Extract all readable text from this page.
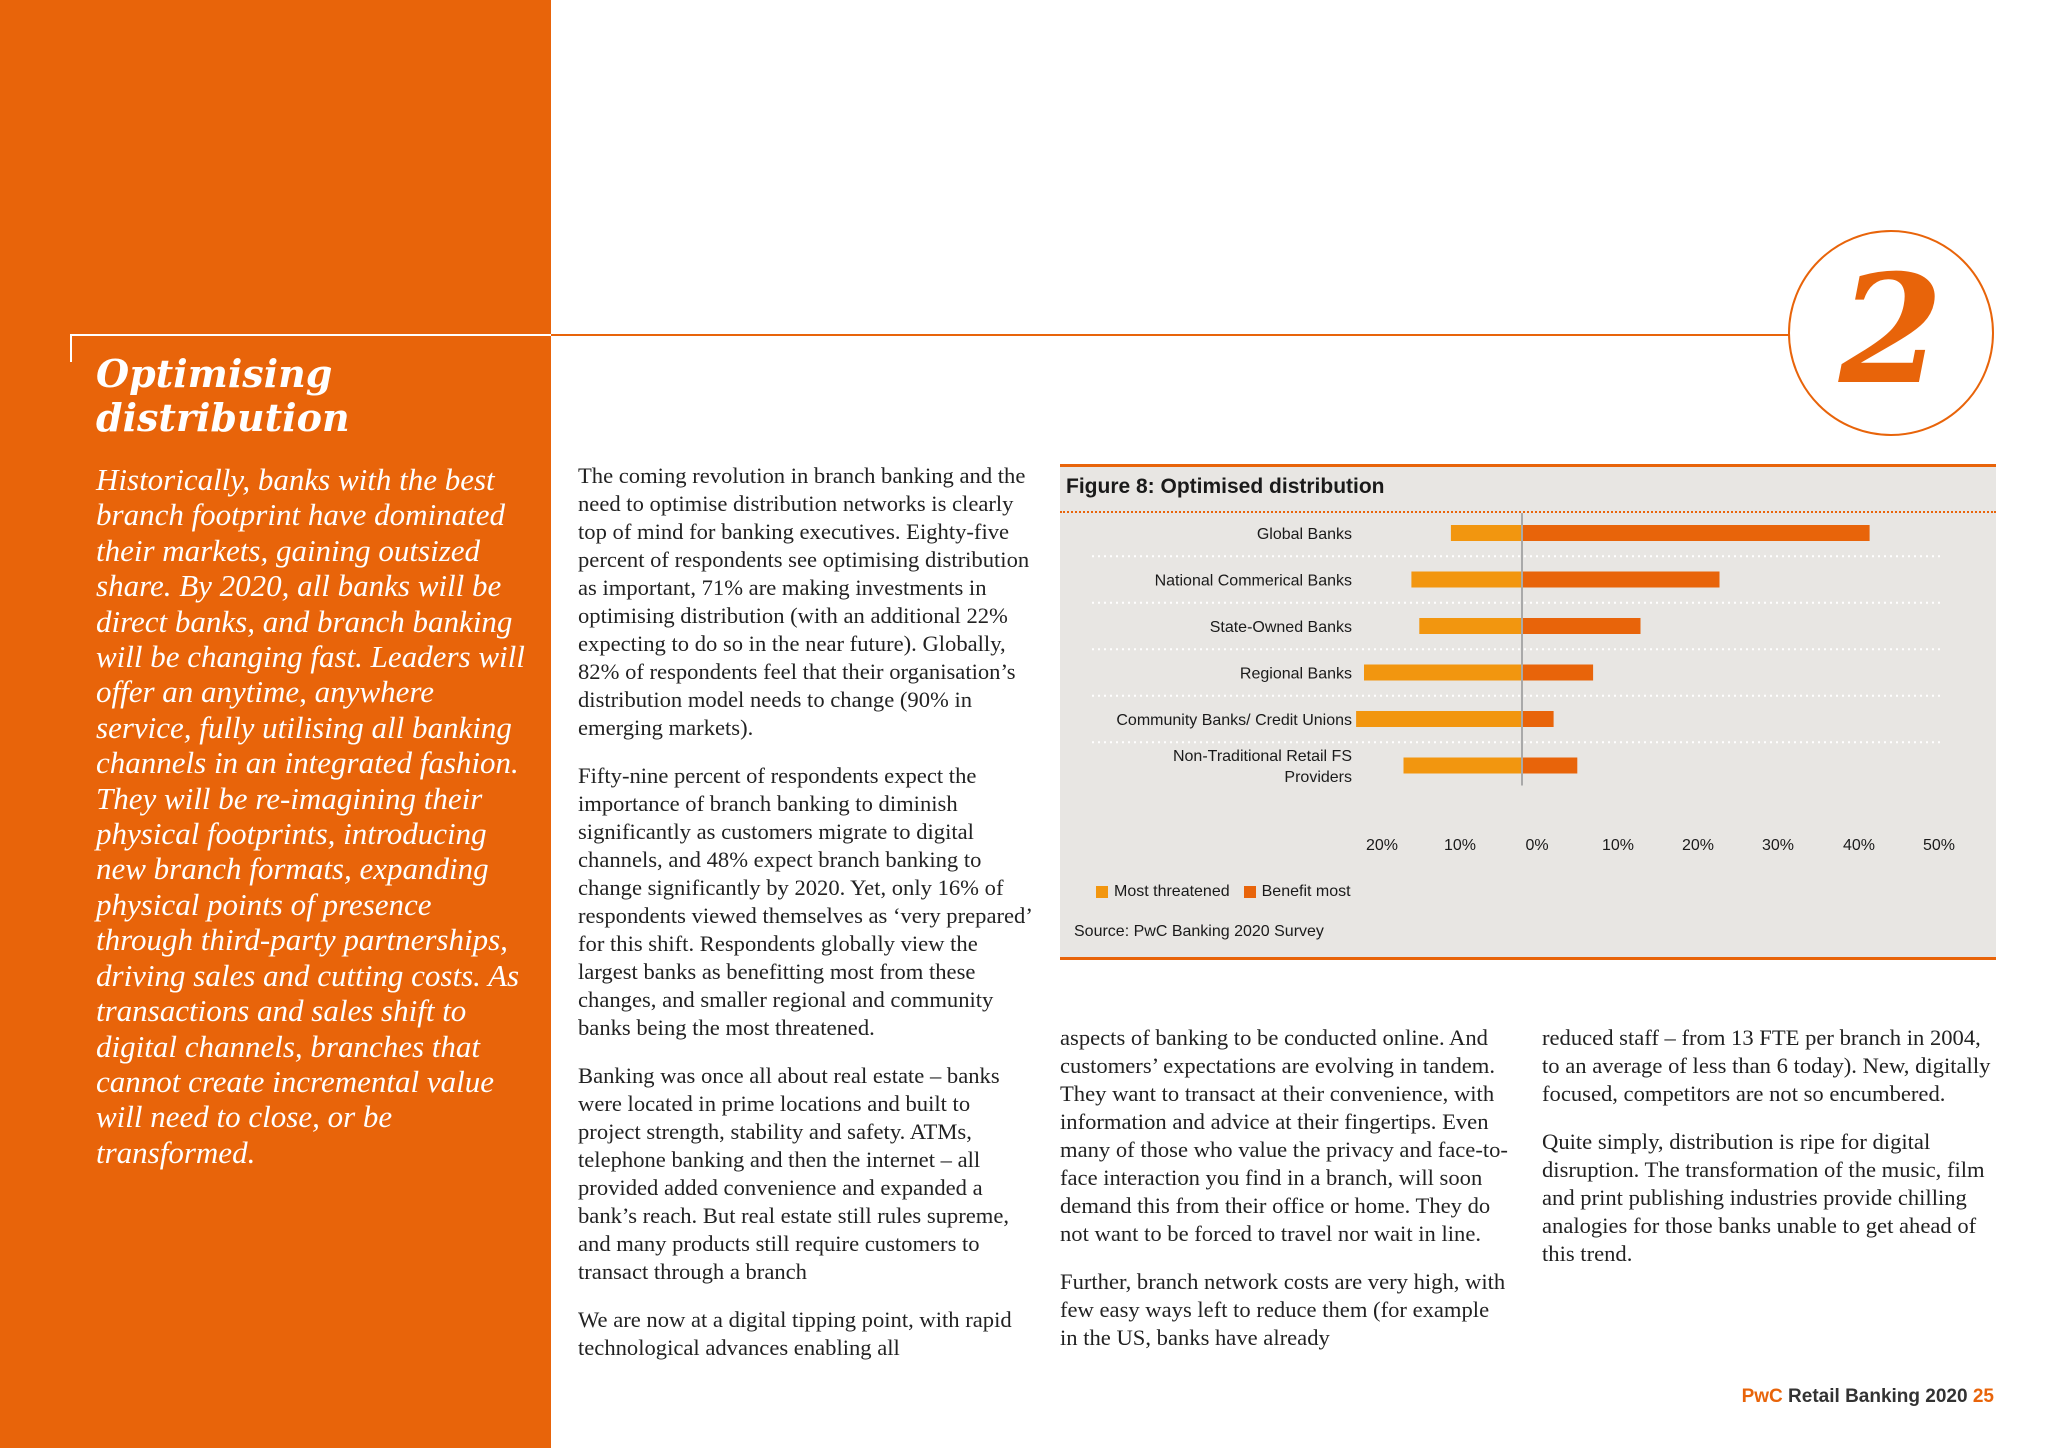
Optimising distribution

Historically, banks with the best branch footprint have dominated their markets, gaining outsized share. By 2020, all banks will be direct banks, and branch banking will be changing fast. Leaders will offer an anytime, anywhere service, fully utilising all banking channels in an integrated fashion. They will be re-imagining their physical footprints, introducing new branch formats, expanding physical points of presence through third-party partnerships, driving sales and cutting costs. As transactions and sales shift to digital channels, branches that cannot create incremental value will need to close, or be transformed.

2

The coming revolution in branch banking and the need to optimise distribution networks is clearly top of mind for banking executives. Eighty-five percent of respondents see optimising distribution as important, 71% are making investments in optimising distribution (with an additional 22% expecting to do so in the near future). Globally, 82% of respondents feel that their organisation’s distribution model needs to change (90% in emerging markets).

Fifty-nine percent of respondents expect the importance of branch banking to diminish significantly as customers migrate to digital channels, and 48% expect branch banking to change significantly by 2020. Yet, only 16% of respondents viewed themselves as ‘very prepared’ for this shift. Respondents globally view the largest banks as benefitting most from these changes, and smaller regional and community banks being the most threatened.

Banking was once all about real estate – banks were located in prime locations and built to project strength, stability and safety. ATMs, telephone banking and then the internet – all provided added convenience and expanded a bank’s reach. But real estate still rules supreme, and many products still require customers to transact through a branch

We are now at a digital tipping point, with rapid technological advances enabling all

Figure 8: Optimised distribution

Global Banks
National Commerical Banks
State-Owned Banks
Regional Banks
Community Banks/ Credit Unions
Non-Traditional Retail FS
Providers
20%	10%	0%	10%	20%	30%	40%	50%
Most threatened Benefit most
Source: PwC Banking 2020 Survey

aspects of banking to be conducted online. And customers’ expectations are evolving in tandem. They want to transact at their convenience, with information and advice at their fingertips. Even many of those who value the privacy and face-to-face interaction you find in a branch, will soon demand this from their office or home. They do not want to be forced to travel nor wait in line.

Further, branch network costs are very high, with few easy ways left to reduce them (for example in the US, banks have already

reduced staff – from 13 FTE per branch in 2004, to an average of less than 6 today). New, digitally focused, competitors are not so encumbered.

Quite simply, distribution is ripe for digital disruption. The transformation of the music, film and print publishing industries provide chilling analogies for those banks unable to get ahead of this trend.

PwC Retail Banking 2020 25
